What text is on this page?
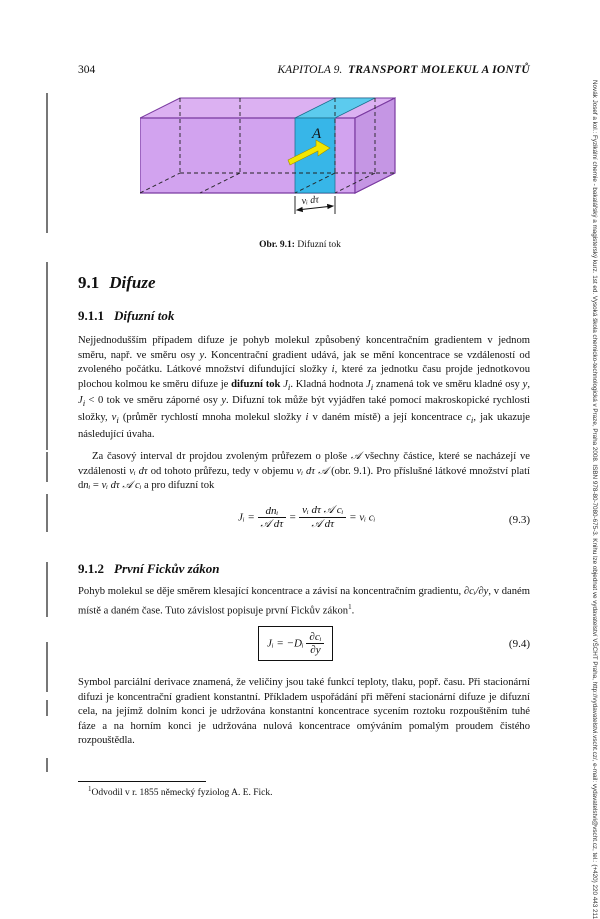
304	KAPITOLA 9. TRANSPORT MOLEKUL A IONTŮ
Novák Josef a kol.: Fyzikální chemie - bakalářský a magisterský kurz. 1st ed. Vysoká škola chemicko-technologická v Praze, Praha 2008. ISBN 978-80-7080-675-3. Knihu lze objednat ve vydavatelství VŠCHT Praha, http://vydavatelstvi.vscht.cz/, e-mail: vydavatelstvi@vscht.cz, tel.: (+420) 220 443 211
A
vᵢ dτ
Obr. 9.1: Difuzní tok
9.1 Difuze
9.1.1 Difuzní tok

Nejjednodušším případem difuze je pohyb molekul způsobený koncentračním gradientem v jednom směru, např. ve směru osy y. Koncentrační gradient udává, jak se mění koncentrace se vzdáleností od zvoleného počátku. Látkové množství difundující složky i, které za jednotku času projde jednotkovou plochou kolmou ke směru difuze je difuzní tok $J_i$. Kladná hodnota $J_i$ znamená tok ve směru kladné osy y, $J_i < 0$ tok ve směru záporné osy y. Difuzní tok může být vyjádřen také pomocí makroskopické rychlosti složky, $v_i$ (průměr rychlostí mnoha molekul složky i v daném místě) a její koncentrace $c_i$, jak ukazuje následující úvaha.

Za časový interval dτ projdou zvoleným průřezem o ploše 𝒜 všechny částice, které se nacházejí ve vzdálenosti vᵢ dτ od tohoto průřezu, tedy v objemu vᵢ dτ 𝒜 (obr. 9.1). Pro příslušné látkové množství platí dnᵢ = vᵢ dτ 𝒜 cᵢ a pro difuzní tok

Jᵢ = $\frac{\text{dnᵢ}}{\text{𝒜 dτ}} = \frac{\text{vᵢ dτ 𝒜 cᵢ}}{\text{𝒜 dτ}}$ = vᵢ cᵢ	(9.3)
9.1.2 První Fickův zákon

Pohyb molekul se děje směrem klesající koncentrace a závisí na koncentračním gradientu, ∂cᵢ/∂y, v daném místě a daném čase. Tuto závislost popisuje první Fickův zákon$^1$.

Jᵢ = −Dᵢ $\frac{\text{∂cᵢ}}{\partial y}$	(9.4)

Symbol parciální derivace znamená, že veličiny jsou také funkcí teploty, tlaku, popř. času. Při stacionární difuzi je koncentrační gradient konstantní. Příkladem uspořádání při měření stacionární difuze je difuzní cela, na jejímž dolním konci je udržována konstantní koncentrace sycením roztoku rozpouštěním tuhé fáze a na horním konci je udržována nulová koncentrace omýváním pomalým proudem čistého rozpouštědla.

$^1$Odvodil v r. 1855 německý fyziolog A. E. Fick.
